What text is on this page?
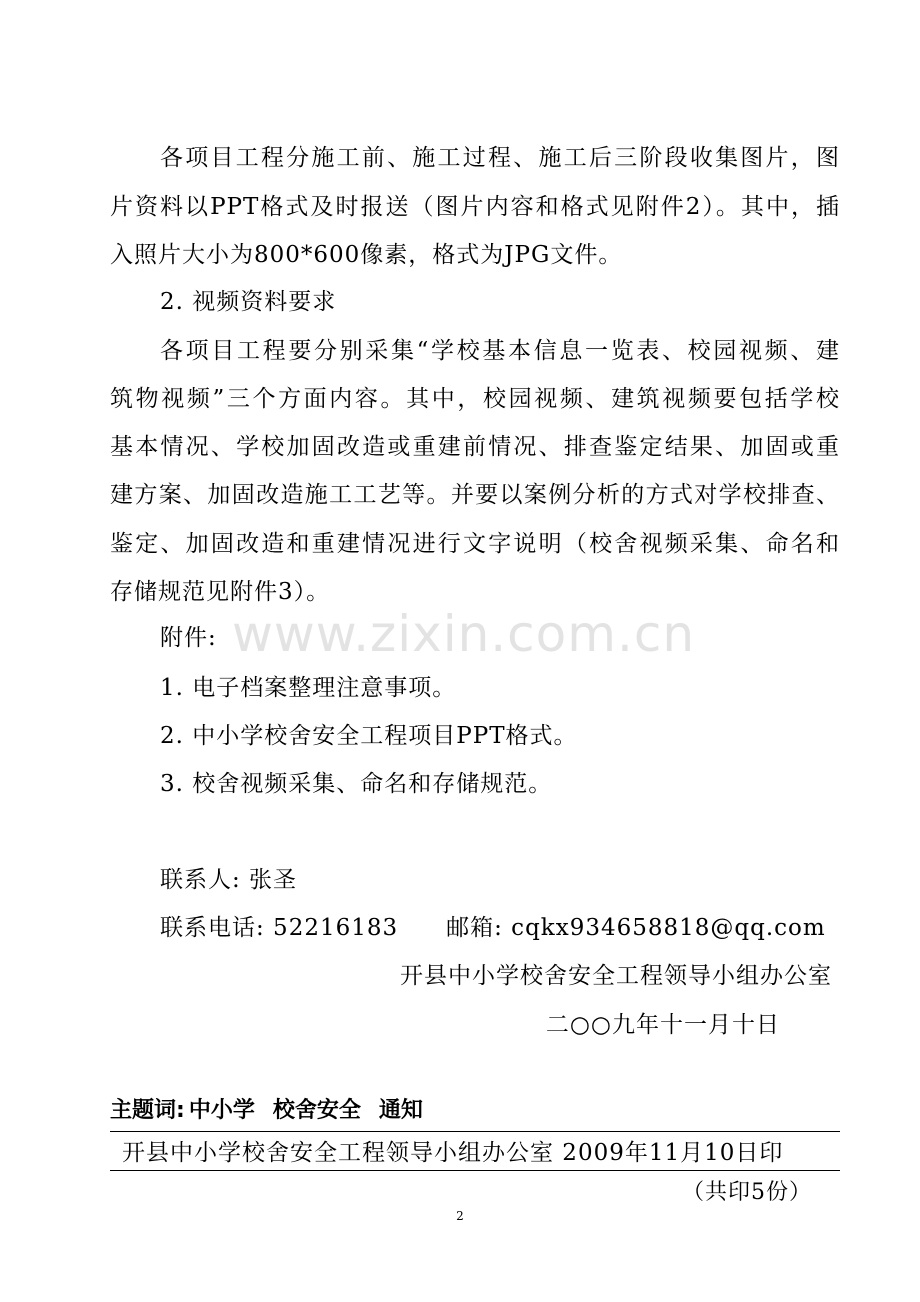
www.zixin.com.cn
各项目工程分施工前、施工过程、施工后三阶段收集图片，图
片资料以PPT格式及时报送（图片内容和格式见附件2）。其中，插
入照片大小为800*600像素，格式为JPG文件。
2. 视频资料要求
各项目工程要分别采集“学校基本信息一览表、校园视频、建
筑物视频”三个方面内容。其中，校园视频、建筑视频要包括学校
基本情况、学校加固改造或重建前情况、排查鉴定结果、加固或重
建方案、加固改造施工工艺等。并要以案例分析的方式对学校排查、
鉴定、加固改造和重建情况进行文字说明（校舍视频采集、命名和
存储规范见附件3）。
附件:
1. 电子档案整理注意事项。
2. 中小学校舍安全工程项目PPT格式。
3. 校舍视频采集、命名和存储规范。
联系人: 张圣
联系电话: 52216183　　邮箱: cqkx934658818@qq.com
开县中小学校舍安全工程领导小组办公室
二○○九年十一月十日
主题词: 中小学 校舍安全 通知
开县中小学校舍安全工程领导小组办公室 2009年11月10日印
（共印5份）
2
